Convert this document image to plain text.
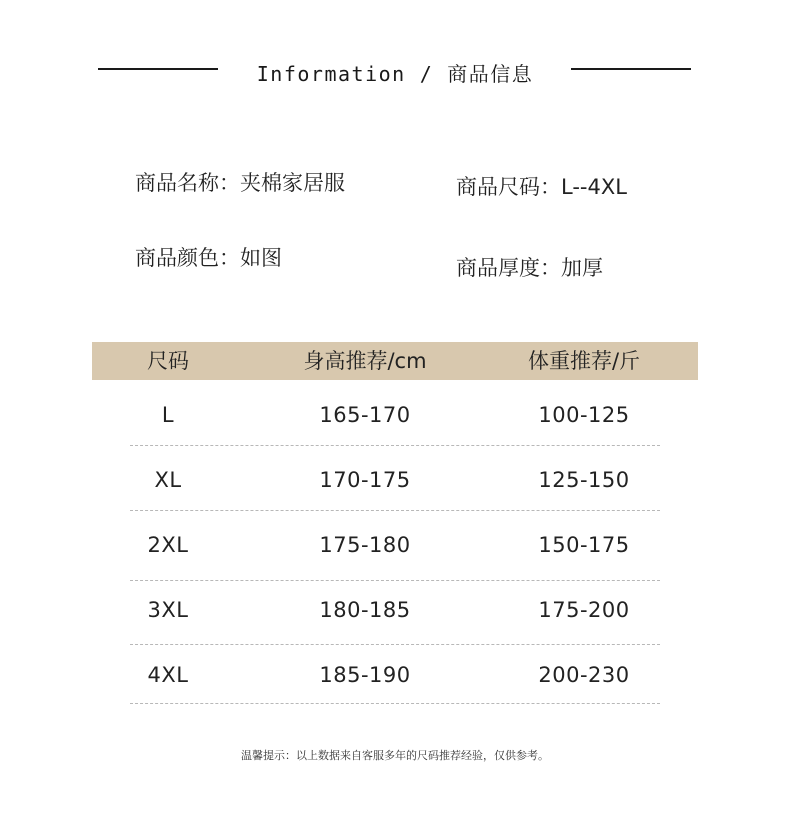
Information / 商品信息
商品名称：夹棉家居服	商品尺码：L--4XL
商品颜色：如图	商品厚度：加厚
尺码	身高推荐/cm	体重推荐/斤
L	165-170	100-125
XL	170-175	125-150
2XL	175-180	150-175
3XL	180-185	175-200
4XL	185-190	200-230
温馨提示：以上数据来自客服多年的尺码推荐经验，仅供参考。
